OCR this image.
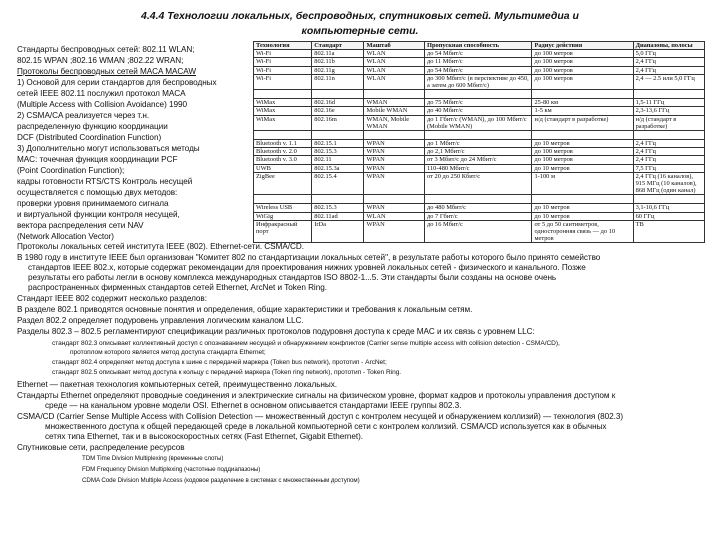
4.4.4 Технологии локальных, беспроводных, спутниковых сетей. Мультимедиа и
компьютерные сети.
Стандарты беспроводных сетей: 802.11 WLAN;
802.15 WPAN ;802.16 WMAN ;802.22 WRAN;
Протоколы беспроводных сетей MACA MACAW
1) Основой для серии стандартов для беспроводных
сетей IEEE 802.11 послужил протокол MACA
(Multiple Access with Collision Avoidance) 1990
2) CSMA/CA реализуется через т.н.
распределенную функцию координации
DCF (Distributed Coordination Function)
3) Дополнительно могут использоваться методы
MAC: точечная функция координации PCF
(Point Coordination Function);
кадры готовности RTS/CTS Контроль несущей
осуществляется с помощью двух методов:
проверки уровня принимаемого сигнала
и виртуальной функции контроля несущей,
вектора распределения сети NAV
(Network Allocation Vector)
Технология	Стандарт	Маштаб	Пропускная способность	Радиус действия	Диапазоны, полосы
Wi-Fi	802.11a	WLAN	до 54 Мбит/с	до 100 метров	5,0 ГГц
Wi-Fi	802.11b	WLAN	до 11 Мбит/с	до 100 метров	2,4 ГГц
Wi-Fi	802.11g	WLAN	до 54 Мбит/с	до 100 метров	2,4 ГГц
Wi-Fi	802.11n	WLAN	до 300 Мбит/с (в перспективе до 450, а затем до 600 Мбит/с)	до 100 метров	2,4 — 2.5 или 5,0 ГГц

WiMax	802.16d	WMAN	до 75 Мбит/с	25-80 км	1,5-11 ГГц
WiMax	802.16e	Mobile WMAN	до 40 Мбит/с	1-5 км	2,3-13,6 ГГц
WiMax	802.16m	WMAN, Mobile WMAN	до 1 Гбит/с (WMAN), до 100 Мбит/с (Mobile WMAN)	н/д (стандарт в разработке)	н/д (стандарт в разработке)

Bluetooth v. 1.1	802.15.1	WPAN	до 1 Мбит/с	до 10 метров	2,4 ГГц
Bluetooth v. 2.0	802.15.3	WPAN	до 2,1 Мбит/с	до 100 метров	2,4 ГГц
Bluetooth v. 3.0	802.11	WPAN	от 3 Мбит/с до 24 Мбит/с	до 100 метров	2,4 ГГц
UWB	802.15.3a	WPAN	110-480 Мбит/с	до 10 метров	7,5 ГГц
ZigBee	802.15.4	WPAN	от 20 до 250 Кбит/с	1-100 м	2,4 ГГц (16 каналов), 915 МГц (10 каналов), 868 МГц (один канал)

Wireless USB	802.15.3	WPAN	до 480 Мбит/с	до 10 метров	3,1-10,6 ГГц
WiGig	802.11ad	WLAN	до 7 Гбит/с	до 10 метров	60 ГГц
Инфракрасный порт	IrDa	WPAN	до 16 Мбит/с	от 5 до 50 сантиметров, односторонняя связь — до 10 метров	ТВ
Протоколы локальных сетей института IEEE (802). Ethernet-сети. CSMA/CD.
В 1980 году в институте IEEE был организован "Комитет 802 по стандартизации локальных сетей", в результате работы которого было принято семейство
стандартов IEEE 802.x, которые содержат рекомендации для проектирования нижних уровней локальных сетей - физического и канального. Позже
результаты его работы легли в основу комплекса международных стандартов ISO 8802-1...5. Эти стандарты были созданы на основе очень
распространенных фирменных стандартов сетей Ethernet, ArcNet и Token Ring.
Стандарт IEEE 802 содержит несколько разделов:
В разделе 802.1 приводятся основные понятия и определения, общие характеристики и требования к локальным сетям.
Раздел 802.2 определяет подуровень управления логическим каналом LLC.
Разделы 802.3 – 802.5 регламентируют спецификации различных протоколов подуровня доступа к среде MAC и их связь с уровнем LLC:
стандарт 802.3 описывает коллективный доступ с опознаванием несущей и обнаружением конфликтов (Carrier sense multiple access with collision detection - CSMA/CD),
протоплом которого является метод доступа стандарта Ethernet;
стандарт 802.4 определяет метод доступа к шине с передачей маркера (Token bus network), прототип - ArcNet;
стандарт 802.5 описывает метод доступа к кольцу с передачей маркера (Token ring network), прототип - Token Ring.
Ethernet — пакетная технология компьютерных сетей, преимущественно локальных.
Стандарты Ethernet определяют проводные соединения и электрические сигналы на физическом уровне, формат кадров и протоколы управления доступом к
среде — на канальном уровне модели OSI. Ethernet в основном описывается стандартами IEEE группы 802.3.
CSMA/CD (Carrier Sense Multiple Access with Collision Detection — множественный доступ с контролем несущей и обнаружением коллизий) — технология (802.3)
множественного доступа к общей передающей среде в локальной компьютерной сети с контролем коллизий. CSMA/CD используется как в обычных
сетях типа Ethernet, так и в высокоскоростных сетях (Fast Ethernet, Gigabit Ethernet).
Спутниковые сети, распределение ресурсов
TDM Time Division Multiplexing (временные слоты)
FDM Frequency Division Multiplexing (частотные поддиапазоны)
CDMA Code Division Multiple Access (кодовое разделение в системах с множественным доступом)
